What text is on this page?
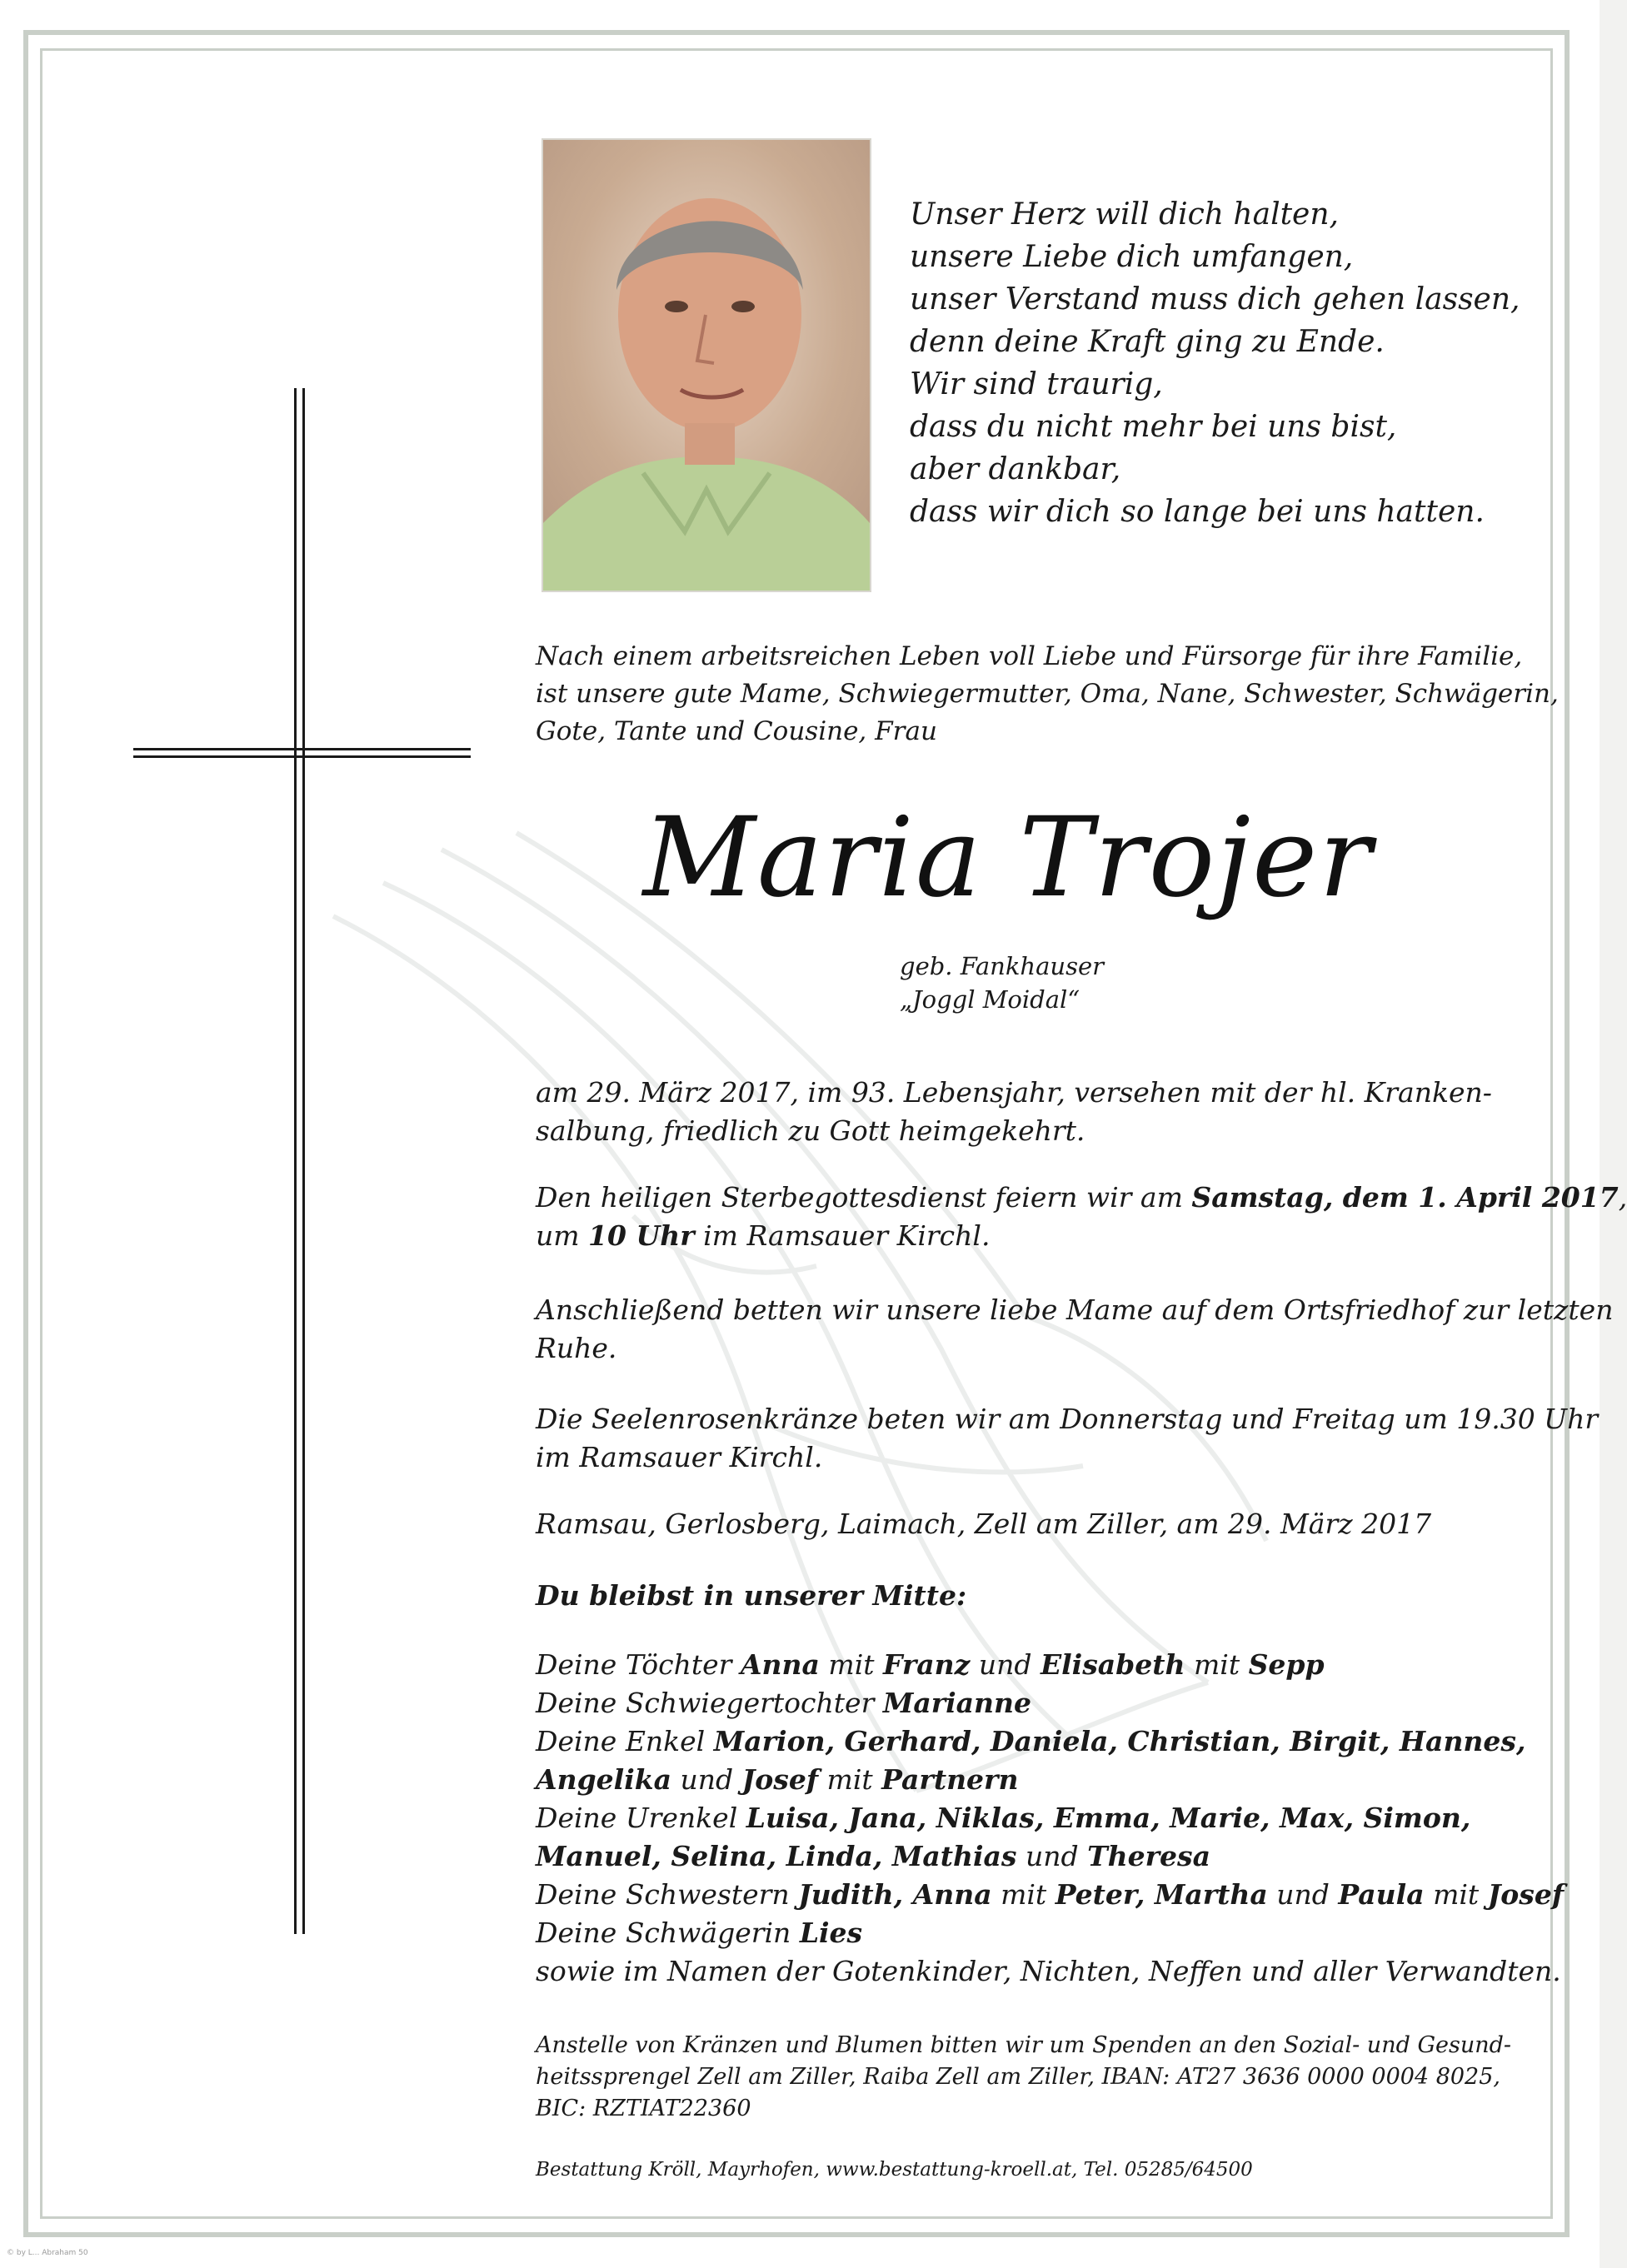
Unser Herz will dich halten,
unsere Liebe dich umfangen,
unser Verstand muss dich gehen lassen,
denn deine Kraft ging zu Ende.
Wir sind traurig,
dass du nicht mehr bei uns bist,
aber dankbar,
dass wir dich so lange bei uns hatten.
Nach einem arbeitsreichen Leben voll Liebe und Fürsorge für ihre Familie,
ist unsere gute Mame, Schwiegermutter, Oma, Nane, Schwester, Schwägerin,
Gote, Tante und Cousine, Frau
Maria Trojer
geb. Fankhauser
„Joggl Moidal“
am 29. März 2017, im 93. Lebensjahr, versehen mit der hl. Kranken-
salbung, friedlich zu Gott heimgekehrt.
Den heiligen Sterbegottesdienst feiern wir am Samstag, dem 1. April 2017,
um 10 Uhr im Ramsauer Kirchl.
Anschließend betten wir unsere liebe Mame auf dem Ortsfriedhof zur letzten
Ruhe.
Die Seelenrosenkränze beten wir am Donnerstag und Freitag um 19.30 Uhr
im Ramsauer Kirchl.
Ramsau, Gerlosberg, Laimach, Zell am Ziller, am 29. März 2017
Du bleibst in unserer Mitte:
Deine Töchter Anna mit Franz und Elisabeth mit Sepp
Deine Schwiegertochter Marianne
Deine Enkel Marion, Gerhard, Daniela, Christian, Birgit, Hannes,
Angelika und Josef mit Partnern
Deine Urenkel Luisa, Jana, Niklas, Emma, Marie, Max, Simon,
Manuel, Selina, Linda, Mathias und Theresa
Deine Schwestern Judith, Anna mit Peter, Martha und Paula mit Josef
Deine Schwägerin Lies
sowie im Namen der Gotenkinder, Nichten, Neffen und aller Verwandten.
Anstelle von Kränzen und Blumen bitten wir um Spenden an den Sozial- und Gesund-
heitssprengel Zell am Ziller, Raiba Zell am Ziller, IBAN: AT27 3636 0000 0004 8025,
BIC: RZTIAT22360
Bestattung Kröll, Mayrhofen, www.bestattung-kroell.at, Tel. 05285/64500
© by L... Abraham 50
